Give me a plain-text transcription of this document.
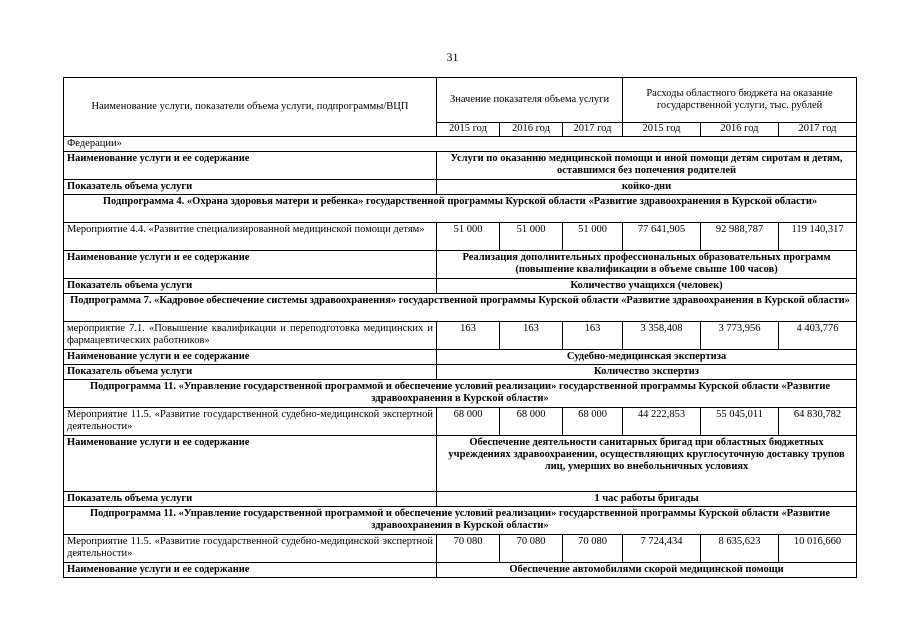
31
Наименование услуги, показатели объема услуги, подпрограммы/ВЦП	Значение показателя объема услуги			Расходы областного бюджета на оказание государственной услуги, тыс. рублей		
	2015 год	2016 год	2017 год	2015 год	2016 год	2017 год
Федерации»						
Наименование услуги и ее содержание	Услуги по оказанию медицинской помощи и иной помощи детям сиротам и детям, оставшимся без попечения родителей					
Показатель объема услуги	койко-дни					
Подпрограмма 4. «Охрана здоровья матери и ребенка» государственной программы Курской области «Развитие здравоохранения в Курской области»						
Мероприятие 4.4. «Развитие специализированной медицинской помощи детям»	51 000	51 000	51 000	77 641,905	92 988,787	119 140,317
Наименование услуги и ее содержание	Реализация дополнительных профессиональных образовательных программ (повышение квалификации в объеме свыше 100 часов)					
Показатель объема услуги	Количество учащихся (человек)					
Подпрограмма 7. «Кадровое обеспечение системы здравоохранения» государственной программы Курской области «Развитие здравоохранения в Курской области»						
мероприятие 7.1. «Повышение квалификации и переподготовка медицинских и фармацевтических работников»	163	163	163	3 358,408	3 773,956	4 403,776
Наименование услуги и ее содержание	Судебно-медицинская экспертиза					
Показатель объема услуги	Количество экспертиз					
Подпрограмма 11. «Управление государственной программой и обеспечение условий реализации» государственной программы Курской области «Развитие здравоохранения в Курской области»						
Мероприятие 11.5. «Развитие государственной судебно-медицинской экспертной деятельности»	68 000	68 000	68 000	44 222,853	55 045,011	64 830,782
Наименование услуги и ее содержание	Обеспечение деятельности санитарных бригад при областных бюджетных учреждениях здравоохранении, осуществляющих круглосуточную доставку трупов лиц, умерших во внебольничных условиях					
Показатель объема услуги	1 час работы бригады					
Подпрограмма 11. «Управление государственной программой и обеспечение условий реализации» государственной программы Курской области «Развитие здравоохранения в Курской области»						
Мероприятие 11.5. «Развитие государственной судебно-медицинской экспертной деятельности»	70 080	70 080	70 080	7 724,434	8 635,623	10 016,660
Наименование услуги и ее содержание	Обеспечение автомобилями скорой медицинской помощи					
